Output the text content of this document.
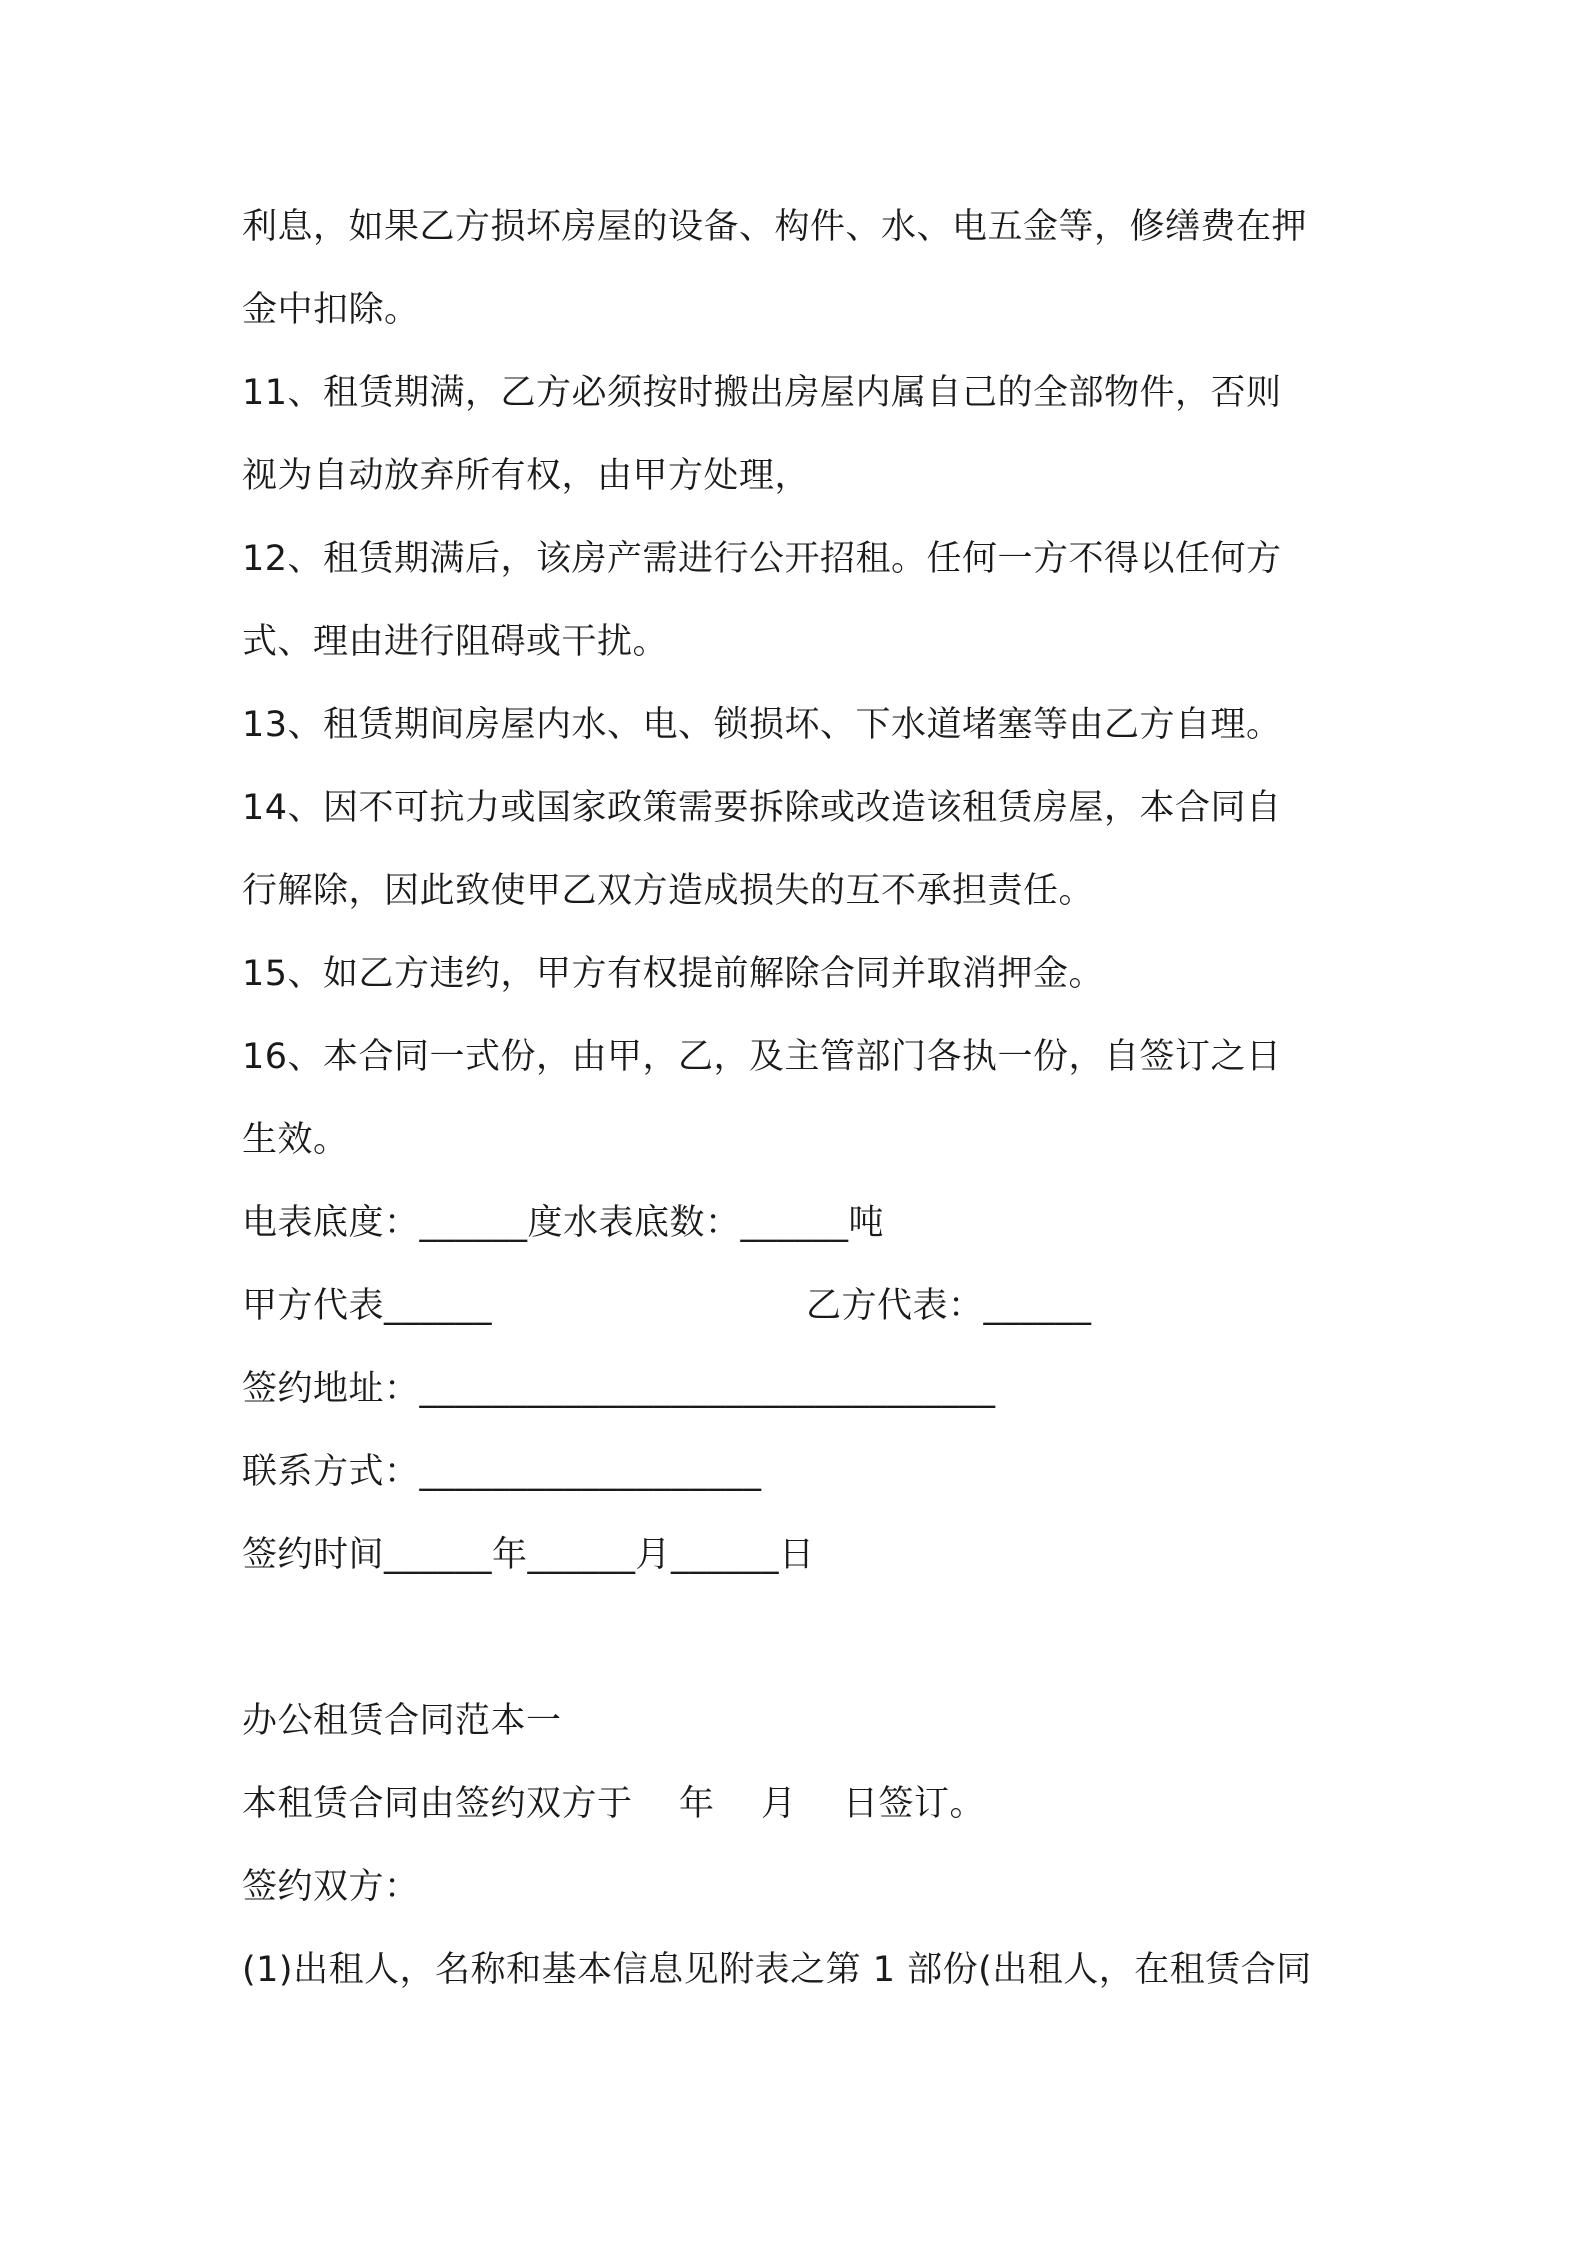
利息，如果乙方损坏房屋的设备、构件、水、电五金等，修缮费在押
金中扣除。
11、租赁期满，乙方必须按时搬出房屋内属自己的全部物件，否则
视为自动放弃所有权，由甲方处理，
12、租赁期满后，该房产需进行公开招租。任何一方不得以任何方
式、理由进行阻碍或干扰。
13、租赁期间房屋内水、电、锁损坏、下水道堵塞等由乙方自理。
14、因不可抗力或国家政策需要拆除或改造该租赁房屋，本合同自
行解除，因此致使甲乙双方造成损失的互不承担责任。
15、如乙方违约，甲方有权提前解除合同并取消押金。
16、本合同一式份，由甲，乙，及主管部门各执一份，自签订之日
生效。
电表底度：______度水表底数：______吨
甲方代表______	乙方代表：______
签约地址：________________________________
联系方式：___________________
签约时间______年______月______日
办公租赁合同范本一
本租赁合同由签约双方于    年    月    日签订。
签约双方：
(1)出租人，名称和基本信息见附表之第 1 部份(出租人，在租赁合同
